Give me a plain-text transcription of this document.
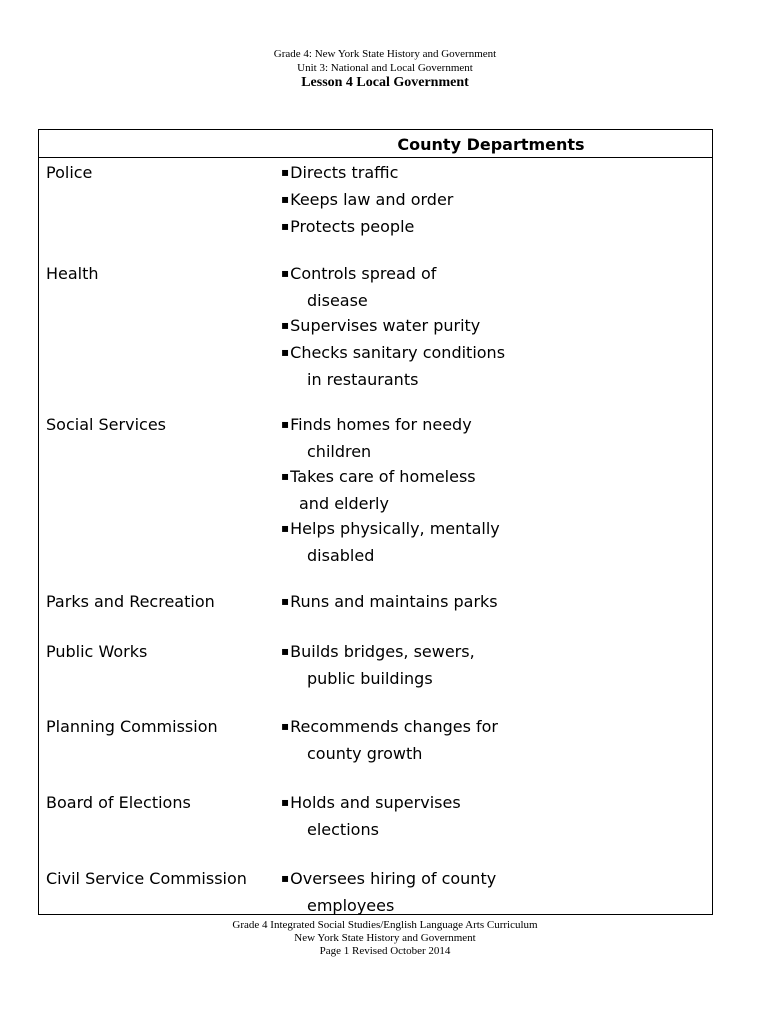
Grade 4: New York State History and Government
Unit 3: National and Local Government
Lesson 4 Local Government
County Departments
Police	▪ Directs traffic
▪ Keeps law and order
▪ Protects people
Health	▪ Controls spread of
disease
▪ Supervises water purity
▪ Checks sanitary conditions
in restaurants
Social Services	▪ Finds homes for needy
children
▪ Takes care of homeless
and elderly
▪ Helps physically, mentally
disabled
Parks and Recreation	▪ Runs and maintains parks
Public Works	▪ Builds bridges, sewers,
public buildings
Planning Commission	▪ Recommends changes for
county growth
Board of Elections	▪ Holds and supervises
elections
Civil Service Commission	▪ Oversees hiring of county
employees
Grade 4 Integrated Social Studies/English Language Arts Curriculum
New York State History and Government
Page 1 Revised October 2014
